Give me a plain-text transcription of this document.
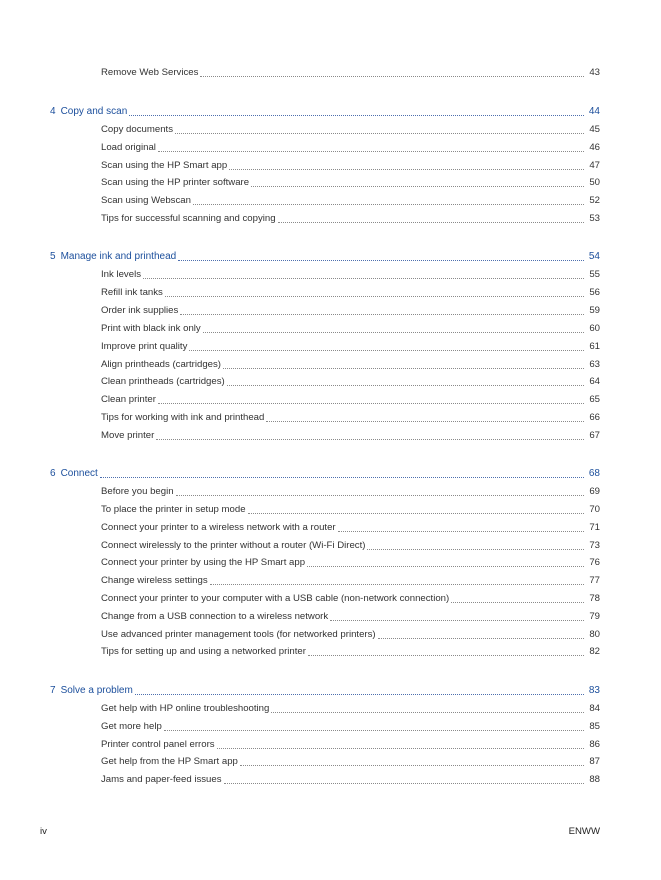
Remove Web Services	43
4 Copy and scan	44
Copy documents	45
Load original	46
Scan using the HP Smart app	47
Scan using the HP printer software	50
Scan using Webscan	52
Tips for successful scanning and copying	53
5 Manage ink and printhead	54
Ink levels	55
Refill ink tanks	56
Order ink supplies	59
Print with black ink only	60
Improve print quality	61
Align printheads (cartridges)	63
Clean printheads (cartridges)	64
Clean printer	65
Tips for working with ink and printhead	66
Move printer	67
6 Connect	68
Before you begin	69
To place the printer in setup mode	70
Connect your printer to a wireless network with a router	71
Connect wirelessly to the printer without a router (Wi-Fi Direct)	73
Connect your printer by using the HP Smart app	76
Change wireless settings	77
Connect your printer to your computer with a USB cable (non-network connection)	78
Change from a USB connection to a wireless network	79
Use advanced printer management tools (for networked printers)	80
Tips for setting up and using a networked printer	82
7 Solve a problem	83
Get help with HP online troubleshooting	84
Get more help	85
Printer control panel errors	86
Get help from the HP Smart app	87
Jams and paper-feed issues	88
iv	ENWW
